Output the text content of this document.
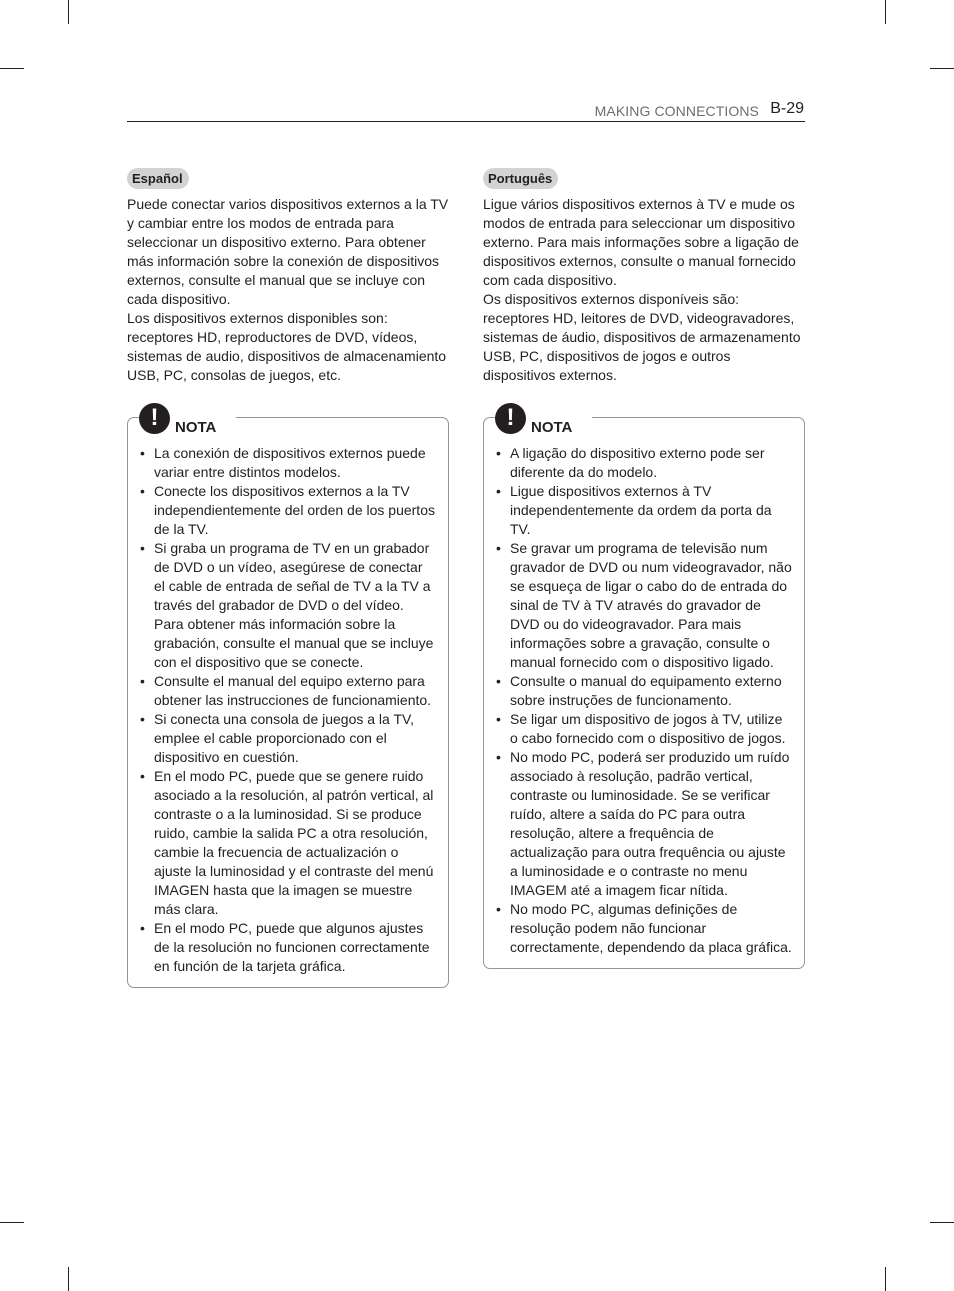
MAKING CONNECTIONS B-29
Español

Puede conectar varios dispositivos externos a la TV y cambiar entre los modos de entrada para seleccionar un dispositivo externo. Para obtener más información sobre la conexión de dispositivos externos, consulte el manual que se incluye con cada dispositivo.

Los dispositivos externos disponibles son: receptores HD, reproductores de DVD, vídeos, sistemas de audio, dispositivos de almacenamiento USB, PC, consolas de juegos, etc.

• La conexión de dispositivos externos puede variar entre distintos modelos.
• Conecte los dispositivos externos a la TV independientemente del orden de los puertos de la TV.
• Si graba un programa de TV en un grabador de DVD o un vídeo, asegúrese de conectar el cable de entrada de señal de TV a la TV a través del grabador de DVD o del vídeo. Para obtener más información sobre la grabación, consulte el manual que se incluye con el dispositivo que se conecte.
• Consulte el manual del equipo externo para obtener las instrucciones de funcionamiento.
• Si conecta una consola de juegos a la TV, emplee el cable proporcionado con el dispositivo en cuestión.
• En el modo PC, puede que se genere ruido asociado a la resolución, al patrón vertical, al contraste o a la luminosidad. Si se produce ruido, cambie la salida PC a otra resolución, cambie la frecuencia de actualización o ajuste la luminosidad y el contraste del menú IMAGEN hasta que la imagen se muestre más clara.
• En el modo PC, puede que algunos ajustes de la resolución no funcionen correctamente en función de la tarjeta gráfica.
! NOTA
Português

Ligue vários dispositivos externos à TV e mude os modos de entrada para seleccionar um dispositivo externo. Para mais informações sobre a ligação de dispositivos externos, consulte o manual fornecido com cada dispositivo.

Os dispositivos externos disponíveis são: receptores HD, leitores de DVD, videogravadores, sistemas de áudio, dispositivos de armazenamento USB, PC, dispositivos de jogos e outros dispositivos externos.

• A ligação do dispositivo externo pode ser diferente da do modelo.
• Ligue dispositivos externos à TV independentemente da ordem da porta da TV.
• Se gravar um programa de televisão num gravador de DVD ou num videogravador, não se esqueça de ligar o cabo do de entrada do sinal de TV à TV através do gravador de DVD ou do videogravador. Para mais informações sobre a gravação, consulte o manual fornecido com o dispositivo ligado.
• Consulte o manual do equipamento externo sobre instruções de funcionamento.
• Se ligar um dispositivo de jogos à TV, utilize o cabo fornecido com o dispositivo de jogos.
• No modo PC, poderá ser produzido um ruído associado à resolução, padrão vertical, contraste ou luminosidade. Se se verificar ruído, altere a saída do PC para outra resolução, altere a frequência de actualização para outra frequência ou ajuste a luminosidade e o contraste no menu IMAGEM até a imagem ficar nítida.
• No modo PC, algumas definições de resolução podem não funcionar correctamente, dependendo da placa gráfica.
! NOTA
